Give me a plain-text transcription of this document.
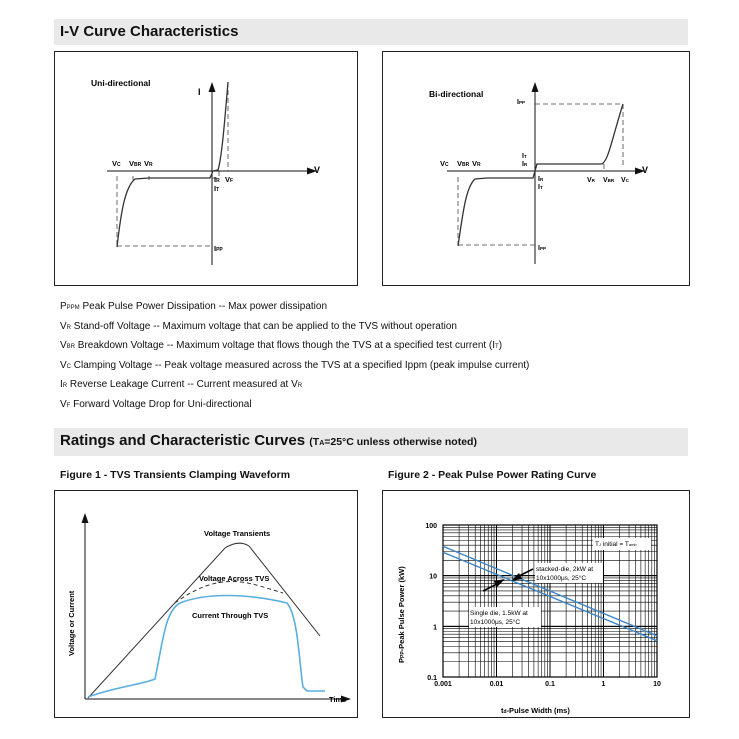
I-V Curve Characteristics
Uni-directional
I
V
VC VBR VR
IR
IT
VF
IPP
Bi-directional
V
IPP
IT
IR
IR
IT
IPP
VC VBR VR
VR VBR VC
PPPM Peak Pulse Power Dissipation -- Max power dissipation
VR Stand-off Voltage -- Maximum voltage that can be applied to the TVS without operation
VBR Breakdown Voltage -- Maximum voltage that flows though the TVS at a specified test current (IT)
VC Clamping Voltage -- Peak voltage measured across the TVS at a specified Ippm (peak impulse current)
IR Reverse Leakage Current -- Current measured at VR
VF Forward Voltage Drop for Uni-directional
Ratings and Characteristic Curves (TA=25°C unless otherwise noted)
Figure 1 - TVS Transients Clamping Waveform	Figure 2 - Peak Pulse Power Rating Curve
Time
Voltage or Current
Voltage Transients
Voltage Across TVS
Current Through TVS
0.001	0.01	0.1	1	10
100
10
1
0.1
PPP-Peak Pulse Power (kW)
td-Pulse Width (ms)
TJ initial = Tamb
stacked-die, 2kW at
10x1000μs, 25°C
Single die, 1.5kW at
10x1000μs, 25°C
